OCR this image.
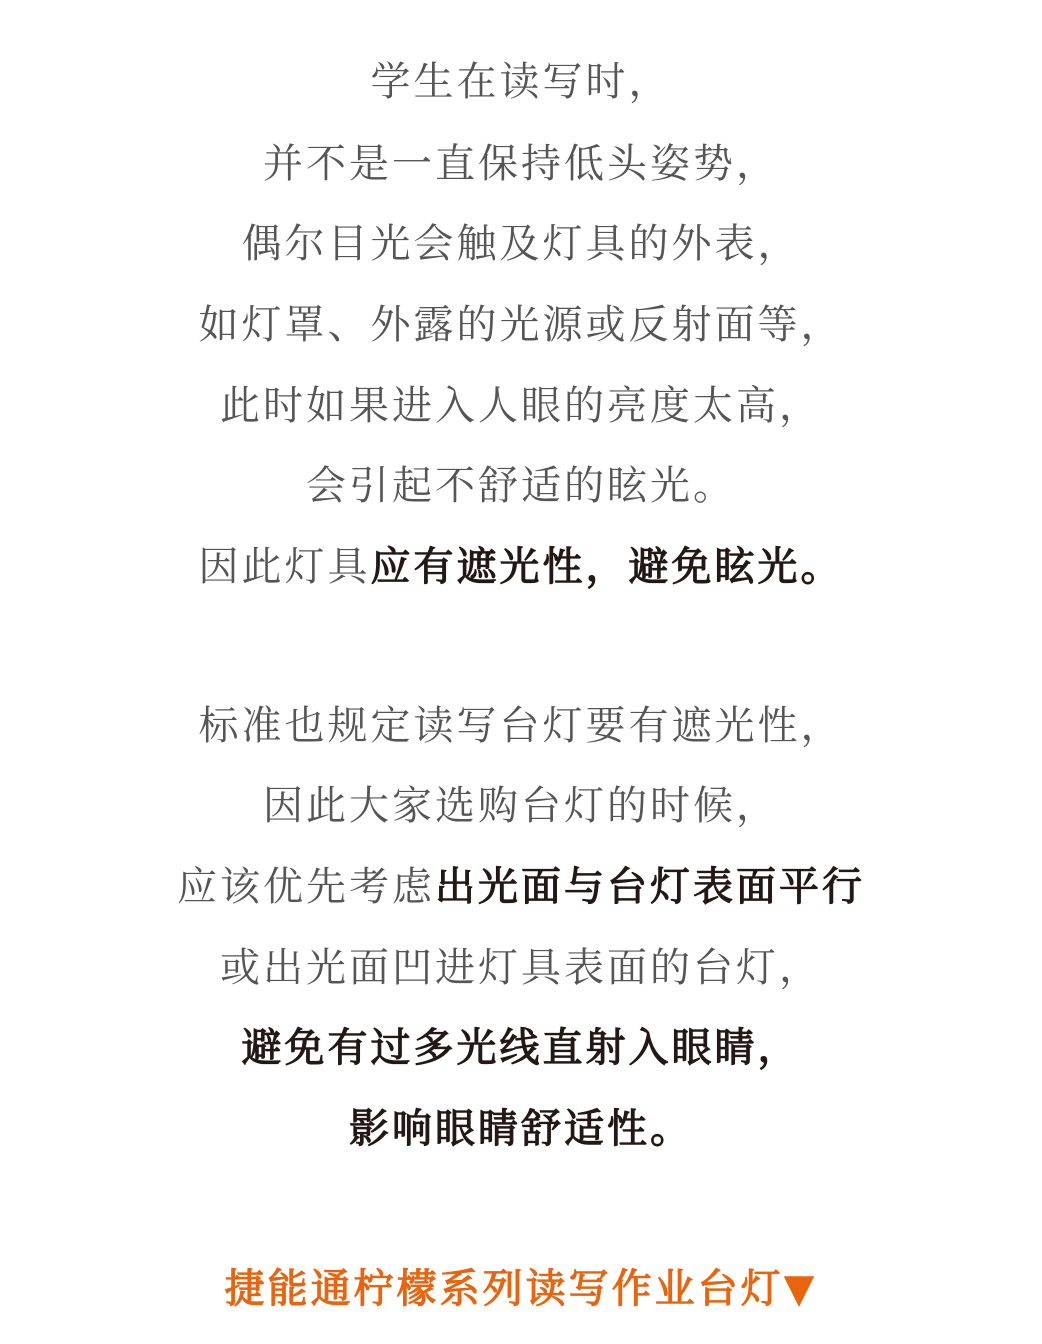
学生在读写时，
并不是一直保持低头姿势，
偶尔目光会触及灯具的外表，
如灯罩、外露的光源或反射面等，
此时如果进入人眼的亮度太高，
会引起不舒适的眩光。
因此灯具应有遮光性，避免眩光。
标准也规定读写台灯要有遮光性，
因此大家选购台灯的时候，
应该优先考虑出光面与台灯表面平行
或出光面凹进灯具表面的台灯，
避免有过多光线直射入眼睛，
影响眼睛舒适性。
捷能通柠檬系列读写作业台灯▼
